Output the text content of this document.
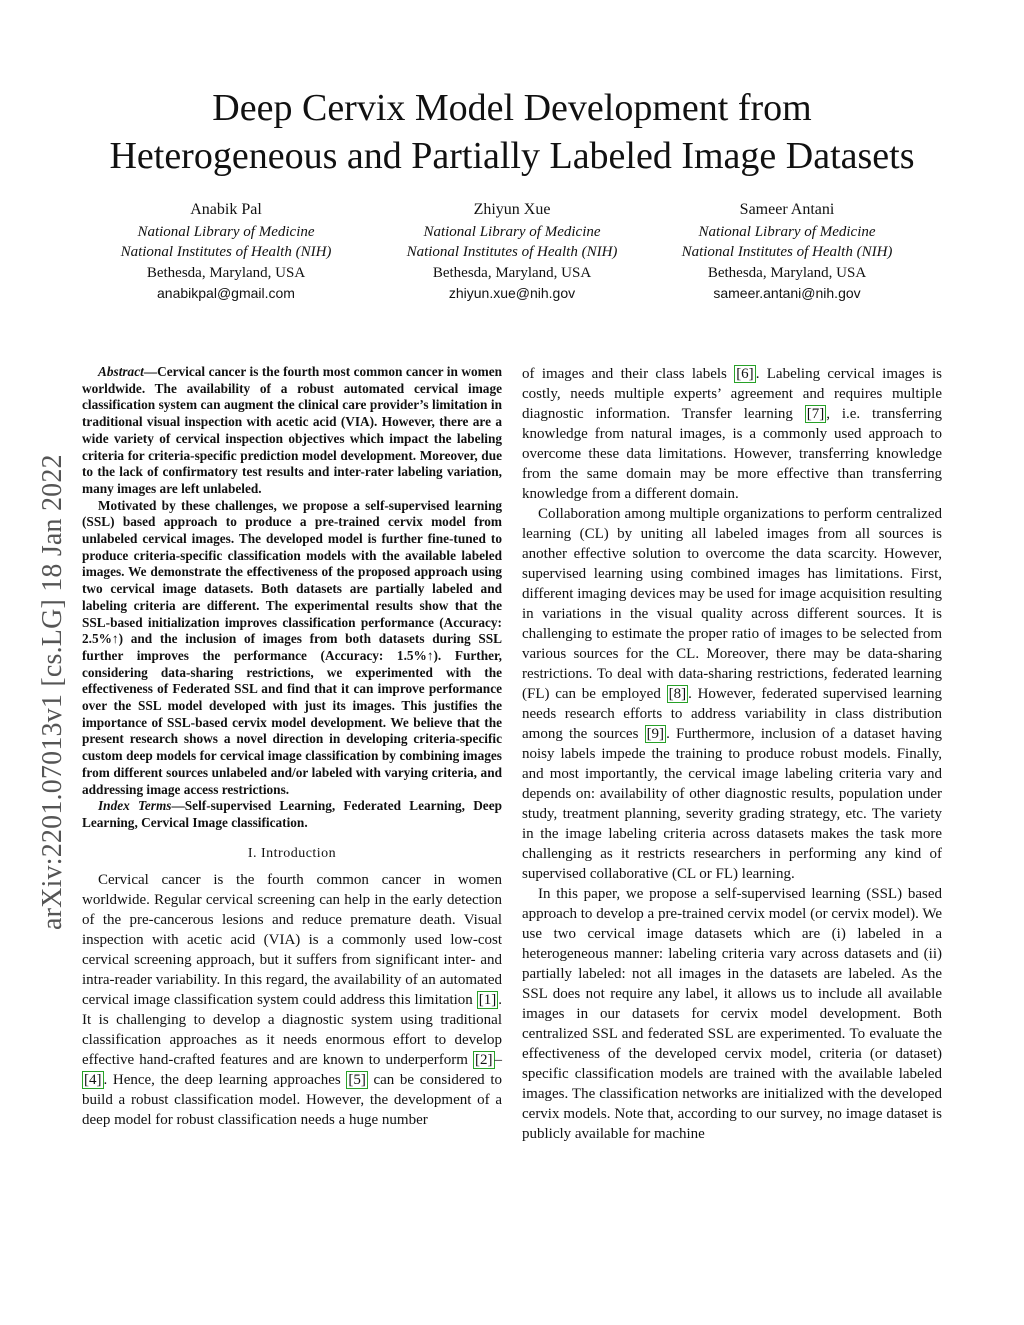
Deep Cervix Model Development from
Heterogeneous and Partially Labeled Image Datasets
Anabik Pal
National Library of Medicine
National Institutes of Health (NIH)
Bethesda, Maryland, USA
anabikpal@gmail.com
Zhiyun Xue
National Library of Medicine
National Institutes of Health (NIH)
Bethesda, Maryland, USA
zhiyun.xue@nih.gov
Sameer Antani
National Library of Medicine
National Institutes of Health (NIH)
Bethesda, Maryland, USA
sameer.antani@nih.gov
arXiv:2201.07013v1 [cs.LG] 18 Jan 2022

Abstract—Cervical cancer is the fourth most common cancer in women worldwide. The availability of a robust automated cervical image classification system can augment the clinical care provider’s limitation in traditional visual inspection with acetic acid (VIA). However, there are a wide variety of cervical inspection objectives which impact the labeling criteria for criteria-specific prediction model development. Moreover, due to the lack of confirmatory test results and inter-rater labeling variation, many images are left unlabeled.

Motivated by these challenges, we propose a self-supervised learning (SSL) based approach to produce a pre-trained cervix model from unlabeled cervical images. The developed model is further fine-tuned to produce criteria-specific classification models with the available labeled images. We demonstrate the effectiveness of the proposed approach using two cervical image datasets. Both datasets are partially labeled and labeling criteria are different. The experimental results show that the SSL-based initialization improves classification performance (Accuracy: 2.5%↑) and the inclusion of images from both datasets during SSL further improves the performance (Accuracy: 1.5%↑). Further, considering data-sharing restrictions, we experimented with the effectiveness of Federated SSL and find that it can improve performance over the SSL model developed with just its images. This justifies the importance of SSL-based cervix model development. We believe that the present research shows a novel direction in developing criteria-specific custom deep models for cervical image classification by combining images from different sources unlabeled and/or labeled with varying criteria, and addressing image access restrictions.

Index Terms—Self-supervised Learning, Federated Learning, Deep Learning, Cervical Image classification.

I. Introduction

Cervical cancer is the fourth common cancer in women worldwide. Regular cervical screening can help in the early detection of the pre-cancerous lesions and reduce premature death. Visual inspection with acetic acid (VIA) is a commonly used low-cost cervical screening approach, but it suffers from significant inter- and intra-reader variability. In this regard, the availability of an automated cervical image classification system could address this limitation [1] . It is challenging to develop a diagnostic system using traditional classification approaches as it needs enormous effort to develop effective hand-crafted features and are known to underperform [2] –[4] . Hence, the deep learning approaches [5] can be considered to build a robust classification model. However, the development of a deep model for robust classification needs a huge number

of images and their class labels [6] . Labeling cervical images is costly, needs multiple experts’ agreement and requires multiple diagnostic information. Transfer learning [7] , i.e. transferring knowledge from natural images, is a commonly used approach to overcome these data limitations. However, transferring knowledge from the same domain may be more effective than transferring knowledge from a different domain.

Collaboration among multiple organizations to perform centralized learning (CL) by uniting all labeled images from all sources is another effective solution to overcome the data scarcity. However, supervised learning using combined images has limitations. First, different imaging devices may be used for image acquisition resulting in variations in the visual quality across different sources. It is challenging to estimate the proper ratio of images to be selected from various sources for the CL. Moreover, there may be data-sharing restrictions. To deal with data-sharing restrictions, federated learning (FL) can be employed [8] . However, federated supervised learning needs research efforts to address variability in class distribution among the sources [9] . Furthermore, inclusion of a dataset having noisy labels impede the training to produce robust models. Finally, and most importantly, the cervical image labeling criteria vary and depends on: availability of other diagnostic results, population under study, treatment planning, severity grading strategy, etc. The variety in the image labeling criteria across datasets makes the task more challenging as it restricts researchers in performing any kind of supervised collaborative (CL or FL) learning.

In this paper, we propose a self-supervised learning (SSL) based approach to develop a pre-trained cervix model (or cervix model). We use two cervical image datasets which are (i) labeled in a heterogeneous manner: labeling criteria vary across datasets and (ii) partially labeled: not all images in the datasets are labeled. As the SSL does not require any label, it allows us to include all available images in our datasets for cervix model development. Both centralized SSL and federated SSL are experimented. To evaluate the effectiveness of the developed cervix model, criteria (or dataset) specific classification models are trained with the available labeled images. The classification networks are initialized with the developed cervix models. Note that, according to our survey, no image dataset is publicly available for machine
